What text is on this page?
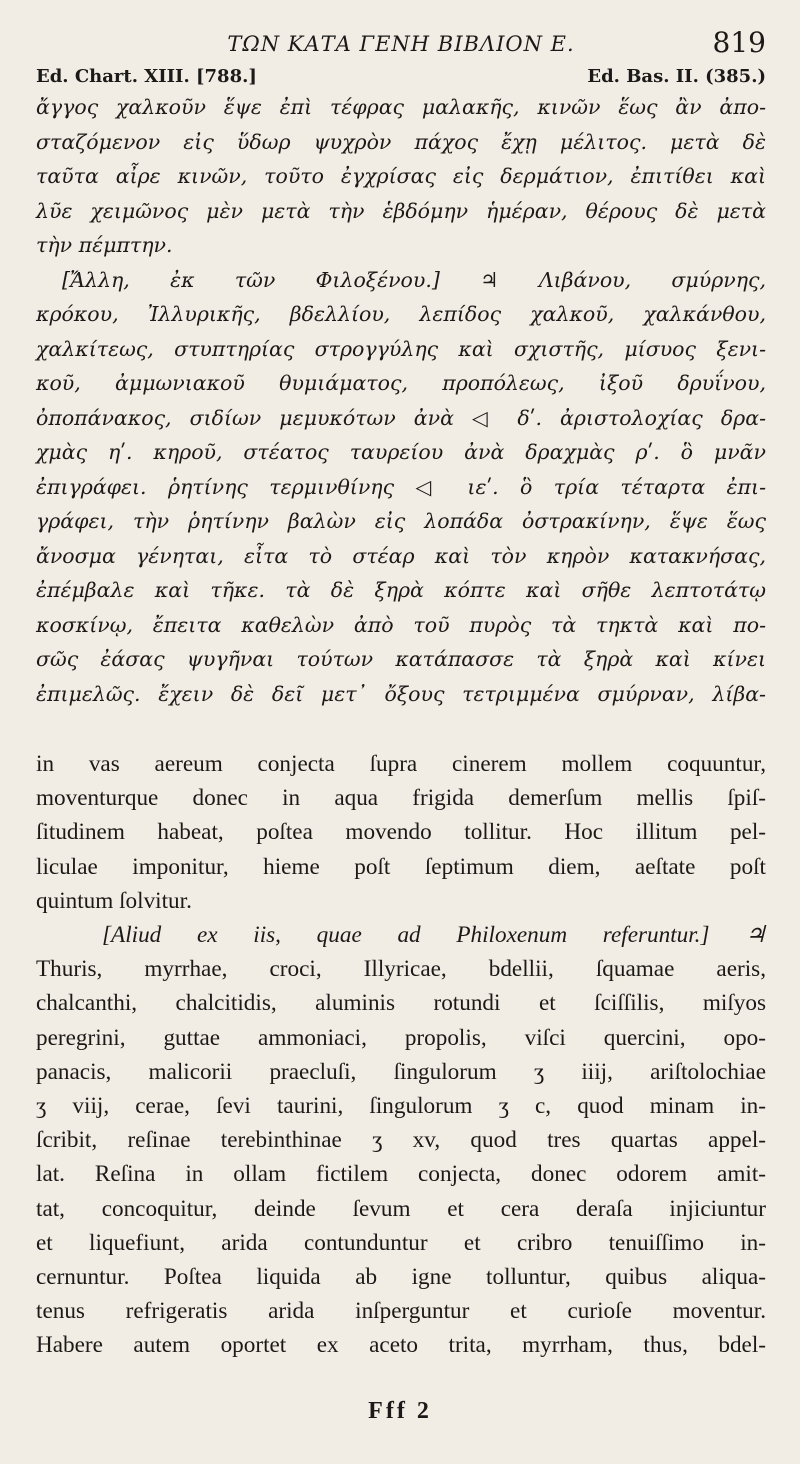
ΤΩΝ ΚΑΤΑ ΓΕΝΗ ΒΙΒΛΙΟΝ Ε.	819
Ed. Chart. XIII. [788.]	Ed. Bas. II. (385.)
ἄγγος χαλκοῦν ἕψε ἐπὶ τέφρας μαλακῆς, κινῶν ἕως ἂν ἀπο-
σταζόμενον εἰς ὕδωρ ψυχρὸν πάχος ἔχῃ μέλιτος. μετὰ δὲ
ταῦτα αἶρε κινῶν, τοῦτο ἐγχρίσας εἰς δερμάτιον, ἐπιτίθει καὶ
λῦε χειμῶνος μὲν μετὰ τὴν ἑβδόμην ἡμέραν, θέρους δὲ μετὰ
τὴν πέμπτην.
[Ἄλλη, ἐκ τῶν Φιλοξένου.] ♃ Λιβάνου, σμύρνης,
κρόκου, Ἰλλυρικῆς, βδελλίου, λεπίδος χαλκοῦ, χαλκάνθου,
χαλκίτεως, στυπτηρίας στρογγύλης καὶ σχιστῆς, μίσυος ξενι-
κοῦ, ἀμμωνιακοῦ θυμιάματος, προπόλεως, ἰξοῦ δρυΐνου,
ὀποπάνακος, σιδίων μεμυκότων ἀνὰ ◁ δʹ. ἀριστολοχίας δρα-
χμὰς ηʹ. κηροῦ, στέατος ταυρείου ἀνὰ δραχμὰς ρʹ. ὃ μνᾶν
ἐπιγράφει. ῥητίνης τερμινθίνης ◁ ιεʹ. ὃ τρία τέταρτα ἐπι-
γράφει, τὴν ῥητίνην βαλὼν εἰς λοπάδα ὀστρακίνην, ἕψε ἕως
ἄνοσμα γένηται, εἶτα τὸ στέαρ καὶ τὸν κηρὸν κατακνήσας,
ἐπέμβαλε καὶ τῆκε. τὰ δὲ ξηρὰ κόπτε καὶ σῆθε λεπτοτάτῳ
κοσκίνῳ, ἔπειτα καθελὼν ἀπὸ τοῦ πυρὸς τὰ τηκτὰ καὶ πο-
σῶς ἐάσας ψυγῆναι τούτων κατάπασσε τὰ ξηρὰ καὶ κίνει
ἐπιμελῶς. ἔχειν δὲ δεῖ μετ᾽ ὄξους τετριμμένα σμύρναν, λίβα-
in vas aereum conjecta ſupra cinerem mollem coquuntur,
moventurque donec in aqua frigida demerſum mellis ſpiſ-
ſitudinem habeat, poſtea movendo tollitur. Hoc illitum pel-
liculae imponitur, hieme poſt ſeptimum diem, aeſtate poſt
quintum ſolvitur.
[Aliud ex iis, quae ad Philoxenum referuntur.] ♃
Thuris, myrrhae, croci, Illyricae, bdellii, ſquamae aeris,
chalcanthi, chalcitidis, aluminis rotundi et ſciſſilis, miſyos
peregrini, guttae ammoniaci, propolis, viſci quercini, opo-
panacis, malicorii praecluſi, ſingulorum ʒ iiij, ariſtolochiae
ʒ viij, cerae, ſevi taurini, ſingulorum ʒ c, quod minam in-
ſcribit, reſinae terebinthinae ʒ xv, quod tres quartas appel-
lat. Reſina in ollam fictilem conjecta, donec odorem amit-
tat, concoquitur, deinde ſevum et cera deraſa injiciuntur
et liquefiunt, arida contunduntur et cribro tenuiſſimo in-
cernuntur. Poſtea liquida ab igne tolluntur, quibus aliqua-
tenus refrigeratis arida inſperguntur et curioſe moventur.
Habere autem oportet ex aceto trita, myrrham, thus, bdel-
Fff 2
